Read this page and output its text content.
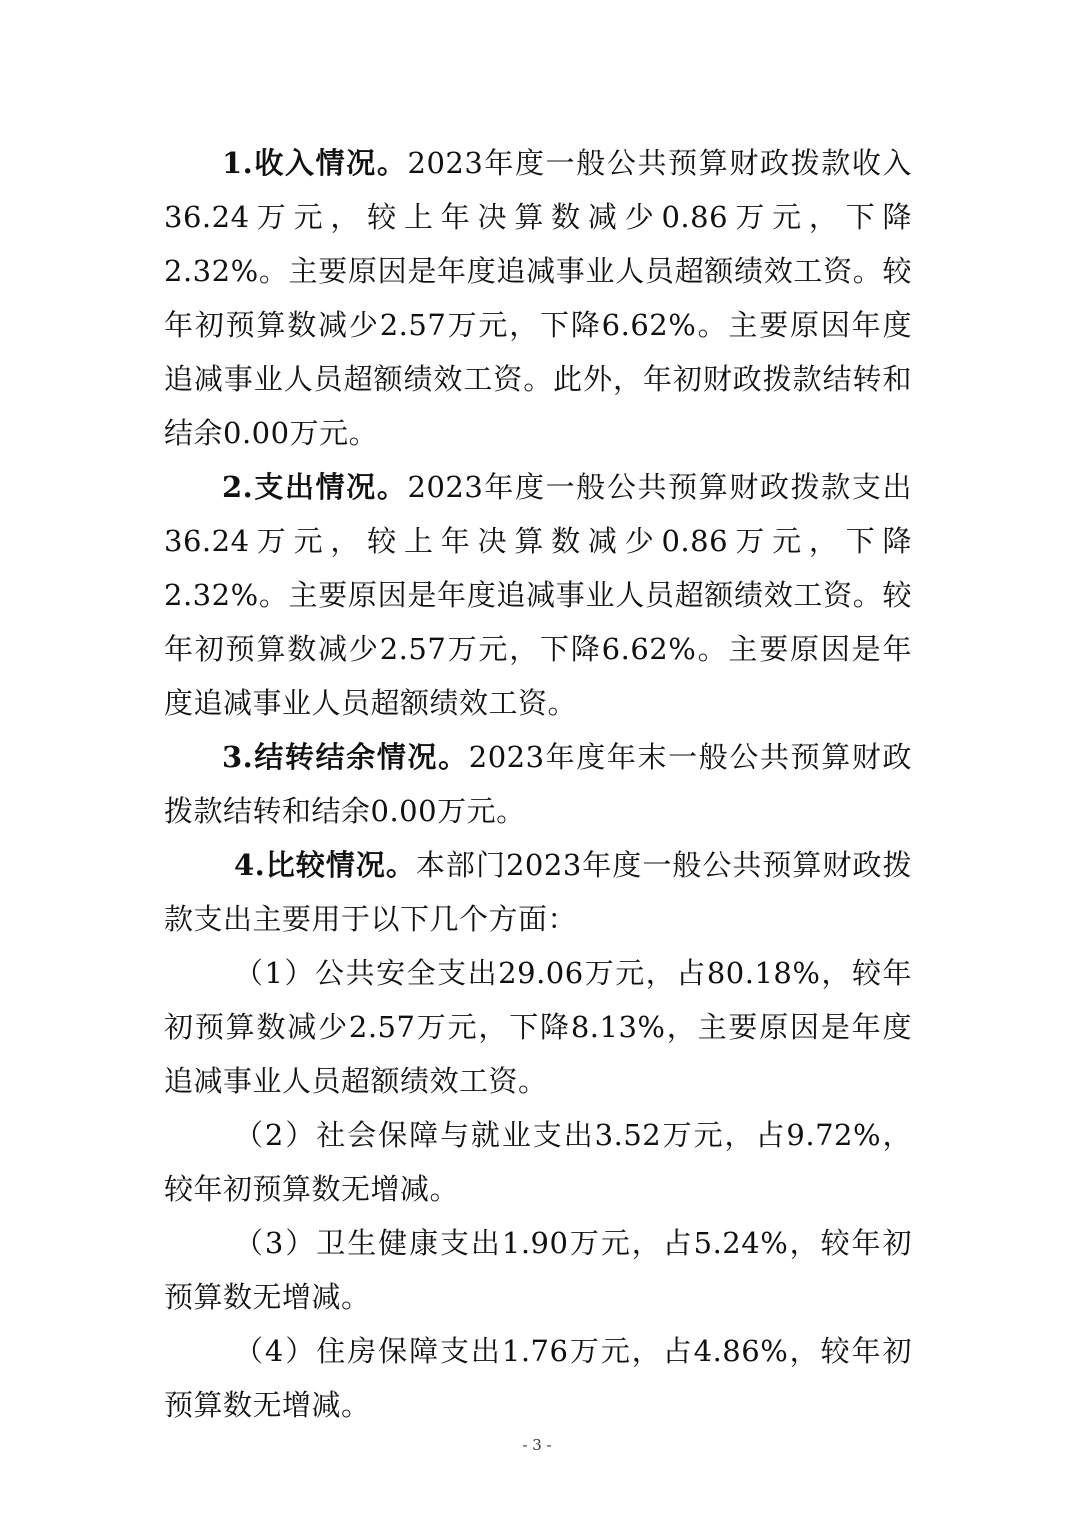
1.收入情况。2023年度一般公共预算财政拨款收入36.24万元，较上年决算数减少0.86万元，下降2.32%。主要原因是年度追减事业人员超额绩效工资。较年初预算数减少2.57万元，下降6.62%。主要原因年度追减事业人员超额绩效工资。此外，年初财政拨款结转和结余0.00万元。

2.支出情况。2023年度一般公共预算财政拨款支出36.24万元，较上年决算数减少0.86万元，下降2.32%。主要原因是年度追减事业人员超额绩效工资。较年初预算数减少2.57万元，下降6.62%。主要原因是年度追减事业人员超额绩效工资。

3.结转结余情况。2023年度年末一般公共预算财政拨款结转和结余0.00万元。

4.比较情况。本部门2023年度一般公共预算财政拨款支出主要用于以下几个方面：

（1）公共安全支出29.06万元，占80.18%，较年初预算数减少2.57万元，下降8.13%，主要原因是年度追减事业人员超额绩效工资。

（2）社会保障与就业支出3.52万元，占9.72%，较年初预算数无增减。

（3）卫生健康支出1.90万元，占5.24%，较年初预算数无增减。

（4）住房保障支出1.76万元，占4.86%，较年初预算数无增减。

- 3 -
